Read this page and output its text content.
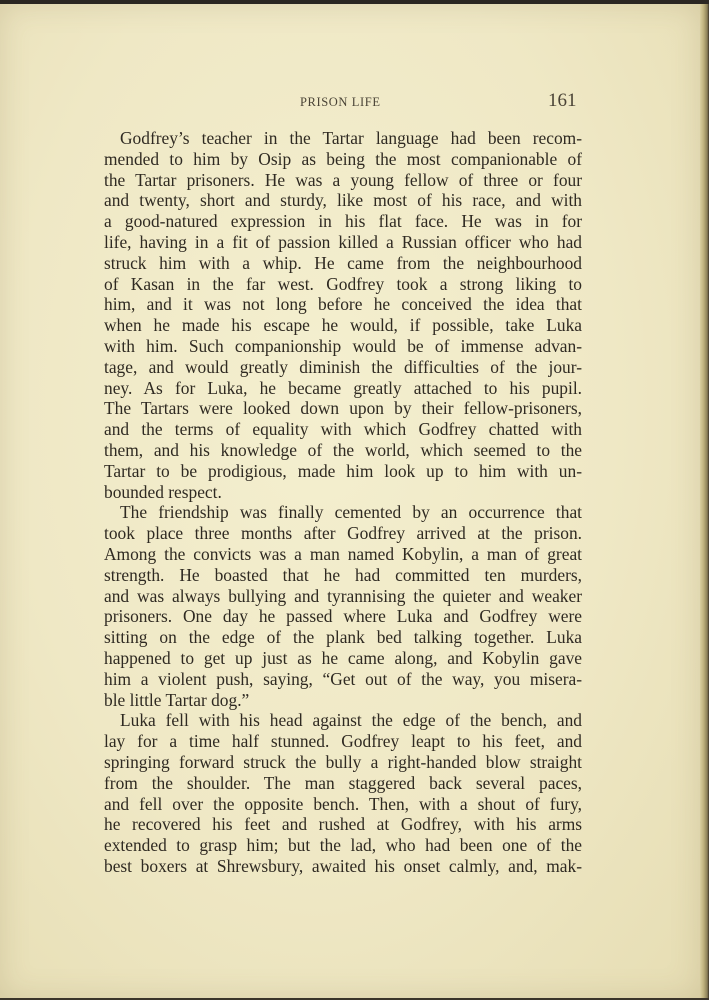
PRISON LIFE	161
Godfrey’s teacher in the Tartar language had been recom-
mended to him by Osip as being the most companionable of
the Tartar prisoners. He was a young fellow of three or four
and twenty, short and sturdy, like most of his race, and with
a good-natured expression in his flat face. He was in for
life, having in a fit of passion killed a Russian officer who had
struck him with a whip. He came from the neighbourhood
of Kasan in the far west. Godfrey took a strong liking to
him, and it was not long before he conceived the idea that
when he made his escape he would, if possible, take Luka
with him. Such companionship would be of immense advan-
tage, and would greatly diminish the difficulties of the jour-
ney. As for Luka, he became greatly attached to his pupil.
The Tartars were looked down upon by their fellow-prisoners,
and the terms of equality with which Godfrey chatted with
them, and his knowledge of the world, which seemed to the
Tartar to be prodigious, made him look up to him with un-
bounded respect.
The friendship was finally cemented by an occurrence that
took place three months after Godfrey arrived at the prison.
Among the convicts was a man named Kobylin, a man of great
strength. He boasted that he had committed ten murders,
and was always bullying and tyrannising the quieter and weaker
prisoners. One day he passed where Luka and Godfrey were
sitting on the edge of the plank bed talking together. Luka
happened to get up just as he came along, and Kobylin gave
him a violent push, saying, “Get out of the way, you misera-
ble little Tartar dog.”
Luka fell with his head against the edge of the bench, and
lay for a time half stunned. Godfrey leapt to his feet, and
springing forward struck the bully a right-handed blow straight
from the shoulder. The man staggered back several paces,
and fell over the opposite bench. Then, with a shout of fury,
he recovered his feet and rushed at Godfrey, with his arms
extended to grasp him; but the lad, who had been one of the
best boxers at Shrewsbury, awaited his onset calmly, and, mak-
